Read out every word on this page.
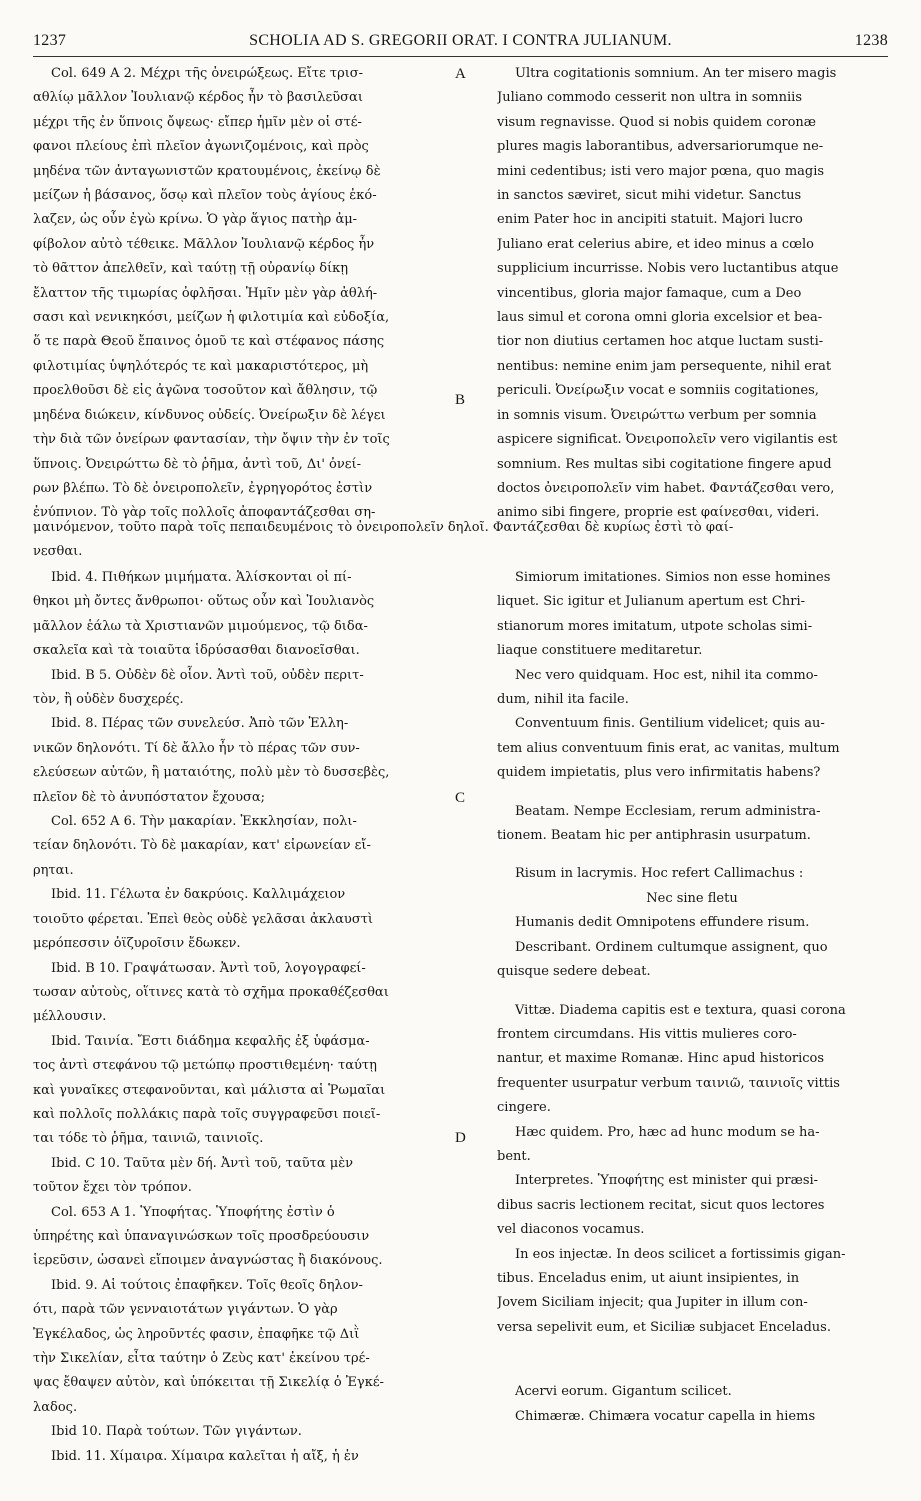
1237	SCHOLIA AD S. GREGORII ORAT. I CONTRA JULIANUM.	1238
A
B
C
D
Col. 649 A 2. Μέχρι τῆς ὀνειρώξεως. Εἴτε τρισ-
αθλίῳ μᾶλλον Ἰουλιανῷ κέρδος ἦν τὸ βασιλεῦσαι
μέχρι τῆς ἐν ὕπνοις ὄψεως· εἴπερ ἡμῖν μὲν οἱ στέ-
φανοι πλείους ἐπὶ πλεῖον ἀγωνιζομένοις, καὶ πρὸς
μηδένα τῶν ἀνταγωνιστῶν κρατουμένοις, ἐκείνῳ δὲ
μείζων ἡ βάσανος, ὅσῳ καὶ πλεῖον τοὺς ἁγίους ἐκό-
λαζεν, ὡς οὖν ἐγὼ κρίνω. Ὁ γὰρ ἅγιος πατὴρ ἀμ-
φίβολον αὐτὸ τέθεικε. Μᾶλλον Ἰουλιανῷ κέρδος ἦν
τὸ θᾶττον ἀπελθεῖν, καὶ ταύτῃ τῇ οὐρανίῳ δίκῃ
ἔλαττον τῆς τιμωρίας ὀφλῆσαι. Ἡμῖν μὲν γὰρ ἀθλή-
σασι καὶ νενικηκόσι, μείζων ἡ φιλοτιμία καὶ εὐδοξία,
ὅ τε παρὰ Θεοῦ ἔπαινος ὁμοῦ τε καὶ στέφανος πάσης
φιλοτιμίας ὑψηλότερός τε καὶ μακαριστότερος, μὴ
προελθοῦσι δὲ εἰς ἀγῶνα τοσοῦτον καὶ ἄθλησιν, τῷ
μηδένα διώκειν, κίνδυνος οὐδείς. Ὀνείρωξιν δὲ λέγει
τὴν διὰ τῶν ὀνείρων φαντασίαν, τὴν ὄψιν τὴν ἐν τοῖς
ὕπνοις. Ὀνειρώττω δὲ τὸ ῥῆμα, ἀντὶ τοῦ, Δι' ὀνεί-
ρων βλέπω. Τὸ δὲ ὀνειροπολεῖν, ἐγρηγορότος ἐστὶν
ἐνύπνιον. Τὸ γὰρ τοῖς πολλοῖς ἀποφαντάζεσθαι ση-
Ultra cogitationis somnium. An ter misero magis
Juliano commodo cesserit non ultra in somniis
visum regnavisse. Quod si nobis quidem coronæ
plures magis laborantibus, adversariorumque ne-
mini cedentibus; isti vero major pœna, quo magis
in sanctos sæviret, sicut mihi videtur. Sanctus
enim Pater hoc in ancipiti statuit. Majori lucro
Juliano erat celerius abire, et ideo minus a cœlo
supplicium incurrisse. Nobis vero luctantibus atque
vincentibus, gloria major famaque, cum a Deo
laus simul et corona omni gloria excelsior et bea-
tior non diutius certamen hoc atque luctam susti-
nentibus: nemine enim jam persequente, nihil erat
periculi. Ὀνείρωξιν vocat e somniis cogitationes,
in somnis visum. Ὀνειρώττω verbum per somnia
aspicere significat. Ὀνειροπολεῖν vero vigilantis est
somnium. Res multas sibi cogitatione fingere apud
doctos ὀνειροπολεῖν vim habet. Φαντάζεσθαι vero,
animo sibi fingere, proprie est φαίνεσθαι, videri.
μαινόμενον, τοῦτο παρὰ τοῖς πεπαιδευμένοις τὸ ὀνειροπολεῖν δηλοῖ. Φαντάζεσθαι δὲ κυρίως ἐστὶ τὸ φαί-
νεσθαι.
Ibid. 4. Πιθήκων μιμήματα. Ἁλίσκονται οἱ πί-
θηκοι μὴ ὄντες ἄνθρωποι· οὕτως οὖν καὶ Ἰουλιανὸς
μᾶλλον ἑάλω τὰ Χριστιανῶν μιμούμενος, τῷ διδα-
σκαλεῖα καὶ τὰ τοιαῦτα ἱδρύσασθαι διανοεῖσθαι.
Ibid. B 5. Οὐδὲν δὲ οἷον. Ἀντὶ τοῦ, οὐδὲν περιτ-
τὸν, ἢ οὐδὲν δυσχερές.
Ibid. 8. Πέρας τῶν συνελεύσ. Ἀπὸ τῶν Ἑλλη-
νικῶν δηλονότι. Τί δὲ ἄλλο ἦν τὸ πέρας τῶν συν-
ελεύσεων αὐτῶν, ἢ ματαιότης, πολὺ μὲν τὸ δυσσεβὲς,
πλεῖον δὲ τὸ ἀνυπόστατον ἔχουσα;
Col. 652 A 6. Τὴν μακαρίαν. Ἐκκλησίαν, πολι-
τείαν δηλονότι. Τὸ δὲ μακαρίαν, κατ' εἰρωνείαν εἴ-
ρηται.
Ibid. 11. Γέλωτα ἐν δακρύοις. Καλλιμάχειον
τοιοῦτο φέρεται. Ἐπεὶ θεὸς οὐδὲ γελᾶσαι ἀκλαυστὶ
μερόπεσσιν ὀϊζυροῖσιν ἔδωκεν.
Ibid. B 10. Γραψάτωσαν. Ἀντὶ τοῦ, λογογραφεί-
τωσαν αὐτοὺς, οἵτινες κατὰ τὸ σχῆμα προκαθέζεσθαι
μέλλουσιν.
Ibid. Ταινία. Ἔστι διάδημα κεφαλῆς ἐξ ὑφάσμα-
τος ἀντὶ στεφάνου τῷ μετώπῳ προστιθεμένη· ταύτῃ
καὶ γυναῖκες στεφανοῦνται, καὶ μάλιστα αἱ Ῥωμαῖαι
καὶ πολλοῖς πολλάκις παρὰ τοῖς συγγραφεῦσι ποιεῖ-
ται τόδε τὸ ῥῆμα, ταινιῶ, ταινιοῖς.
Ibid. C 10. Ταῦτα μὲν δή. Ἀντὶ τοῦ, ταῦτα μὲν
τοῦτον ἔχει τὸν τρόπον.
Col. 653 A 1. Ὑποφήτας. Ὑποφήτης ἐστὶν ὁ
ὑπηρέτης καὶ ὑπαναγινώσκων τοῖς προσδρεύουσιν
ἱερεῦσιν, ὡσανεὶ εἴποιμεν ἀναγνώστας ἢ διακόνους.
Ibid. 9. Αἱ τούτοις ἐπαφῆκεν. Τοῖς θεοῖς δηλον-
ότι, παρὰ τῶν γενναιοτάτων γιγάντων. Ὁ γὰρ
Ἐγκέλαδος, ὡς ληροῦντές φασιν, ἐπαφῆκε τῷ Διῒ
τὴν Σικελίαν, εἶτα ταύτην ὁ Ζεὺς κατ' ἐκείνου τρέ-
ψας ἔθαψεν αὐτὸν, καὶ ὑπόκειται τῇ Σικελίᾳ ὁ Ἐγκέ-
λαδος.
Ibid 10. Παρὰ τούτων. Τῶν γιγάντων.
Ibid. 11. Χίμαιρα. Χίμαιρα καλεῖται ἡ αἴξ, ἡ ἐν
Simiorum imitationes. Simios non esse homines
liquet. Sic igitur et Julianum apertum est Chri-
stianorum mores imitatum, utpote scholas simi-
liaque constituere meditaretur.
Nec vero quidquam. Hoc est, nihil ita commo-
dum, nihil ita facile.
Conventuum finis. Gentilium videlicet; quis au-
tem alius conventuum finis erat, ac vanitas, multum
quidem impietatis, plus vero infirmitatis habens?
Beatam. Nempe Ecclesiam, rerum administra-
tionem. Beatam hic per antiphrasin usurpatum.
Risum in lacrymis. Hoc refert Callimachus :
Nec sine fletu
Humanis dedit Omnipotens effundere risum.
Describant. Ordinem cultumque assignent, quo
quisque sedere debeat.
Vittæ. Diadema capitis est e textura, quasi corona
frontem circumdans. His vittis mulieres coro-
nantur, et maxime Romanæ. Hinc apud historicos
frequenter usurpatur verbum ταινιῶ, ταινιοῖς vittis
cingere.
Hæc quidem. Pro, hæc ad hunc modum se ha-
bent.
Interpretes. Ὑποφήτης est minister qui præsi-
dibus sacris lectionem recitat, sicut quos lectores
vel diaconos vocamus.
In eos injectæ. In deos scilicet a fortissimis gigan-
tibus. Enceladus enim, ut aiunt insipientes, in
Jovem Siciliam injecit; qua Jupiter in illum con-
versa sepelivit eum, et Siciliæ subjacet Enceladus.
Acervi eorum. Gigantum scilicet.
Chimæræ. Chimæra vocatur capella in hiems
